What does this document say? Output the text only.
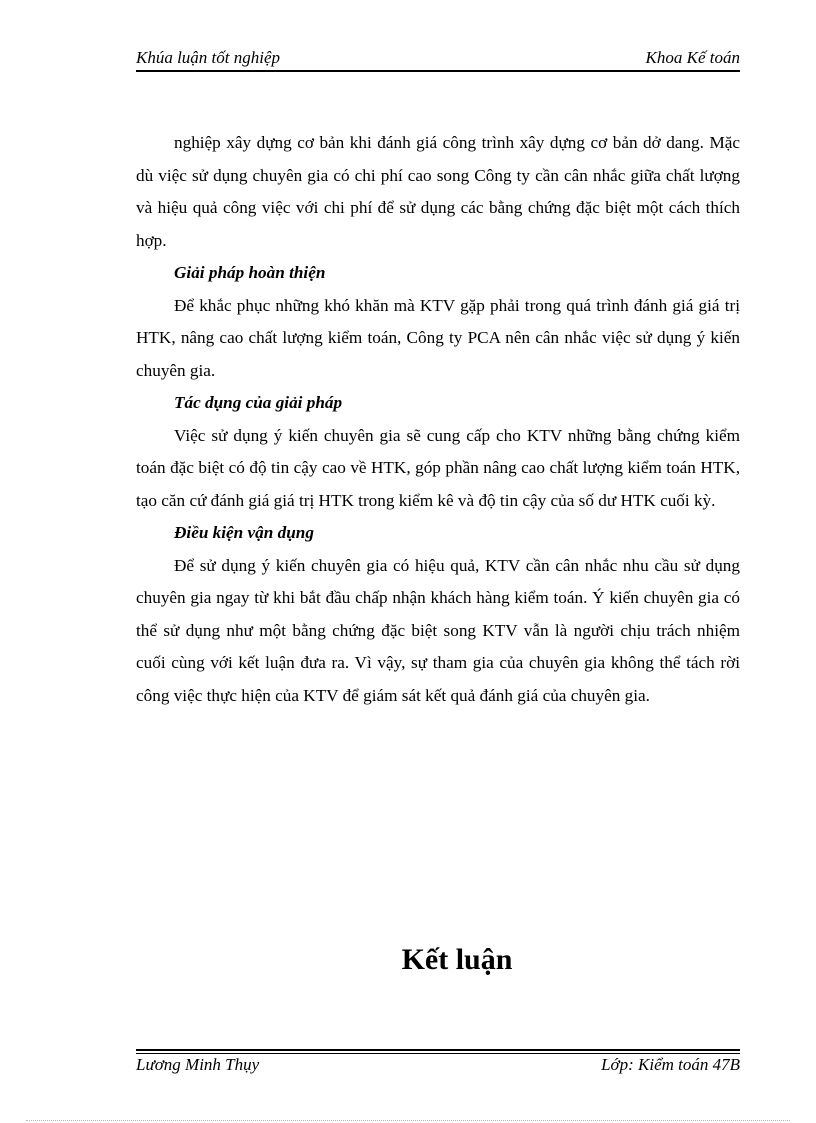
Khúa luận tốt nghiệp	Khoa Kế toán

nghiệp xây dựng cơ bản khi đánh giá công trình xây dựng cơ bản dở dang. Mặc dù việc sử dụng chuyên gia có chi phí cao song Công ty cần cân nhắc giữa chất lượng và hiệu quả công việc với chi phí để sử dụng các bằng chứng đặc biệt một cách thích hợp.

Giải pháp hoàn thiện

Để khắc phục những khó khăn mà KTV gặp phải trong quá trình đánh giá giá trị HTK, nâng cao chất lượng kiểm toán, Công ty PCA nên cân nhắc việc sử dụng ý kiến chuyên gia.

Tác dụng của giải pháp

Việc sử dụng ý kiến chuyên gia sẽ cung cấp cho KTV những bằng chứng kiểm toán đặc biệt có độ tin cậy cao về HTK, góp phần nâng cao chất lượng kiểm toán HTK, tạo căn cứ đánh giá giá trị HTK trong kiểm kê và độ tin cậy của số dư HTK cuối kỳ.

Điều kiện vận dụng

Để sử dụng ý kiến chuyên gia có hiệu quả, KTV cần cân nhắc nhu cầu sử dụng chuyên gia ngay từ khi bắt đầu chấp nhận khách hàng kiểm toán. Ý kiến chuyên gia có thể sử dụng như một bằng chứng đặc biệt song KTV vẫn là người chịu trách nhiệm cuối cùng với kết luận đưa ra. Vì vậy, sự tham gia của chuyên gia không thể tách rời công việc thực hiện của KTV để giám sát kết quả đánh giá của chuyên gia.

Kết luận
Lương Minh Thụy	Lớp: Kiểm toán 47B
